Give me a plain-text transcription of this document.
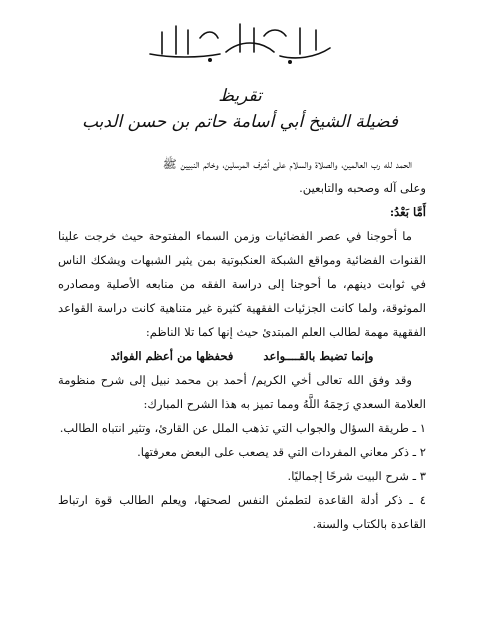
تقريظ
فضيلة الشيخ أبي أسامة حاتم بن حسن الدبب

الحمد لله رب العالمين، والصلاة والسلام على أشرف المرسلين، وخاتم النبيين ﷺ

وعلى آله وصحبه والتابعين.

أَمَّا بَعْدُ:

ما أحوجنا في عصر الفضائيات وزمن السماء المفتوحة حيث خرجت علينا القنوات الفضائية ومواقع الشبكة العنكبوتية بمن يثير الشبهات ويشكك الناس في ثوابت دينهم، ما أحوجنا إلى دراسة الفقه من منابعه الأصلية ومصادره الموثوقة، ولما كانت الجزئيات الفقهية كثيرة غير متناهية كانت دراسة القواعد الفقهية مهمة لطالب العلم المبتدئ حيث إنها كما تلا الناظم:

وإنما تضبط بالقــــواعد
فحفظها من أعظم الفوائد

وقد وفق الله تعالى أخي الكريم/ أحمد بن محمد نبيل إلى شرح منظومة العلامة السعدي رَحِمَهُ اللَّهُ ومما تميز به هذا الشرح المبارك:

١ ـ طريقة السؤال والجواب التي تذهب الملل عن القارئ، وتثير انتباه الطالب.

٢ ـ ذكر معاني المفردات التي قد يصعب على البعض معرفتها.

٣ ـ شرح البيت شرحًا إجماليًا.

٤ ـ ذكر أدلة القاعدة لتطمئن النفس لصحتها، ويعلم الطالب قوة ارتباط القاعدة بالكتاب والسنة.
